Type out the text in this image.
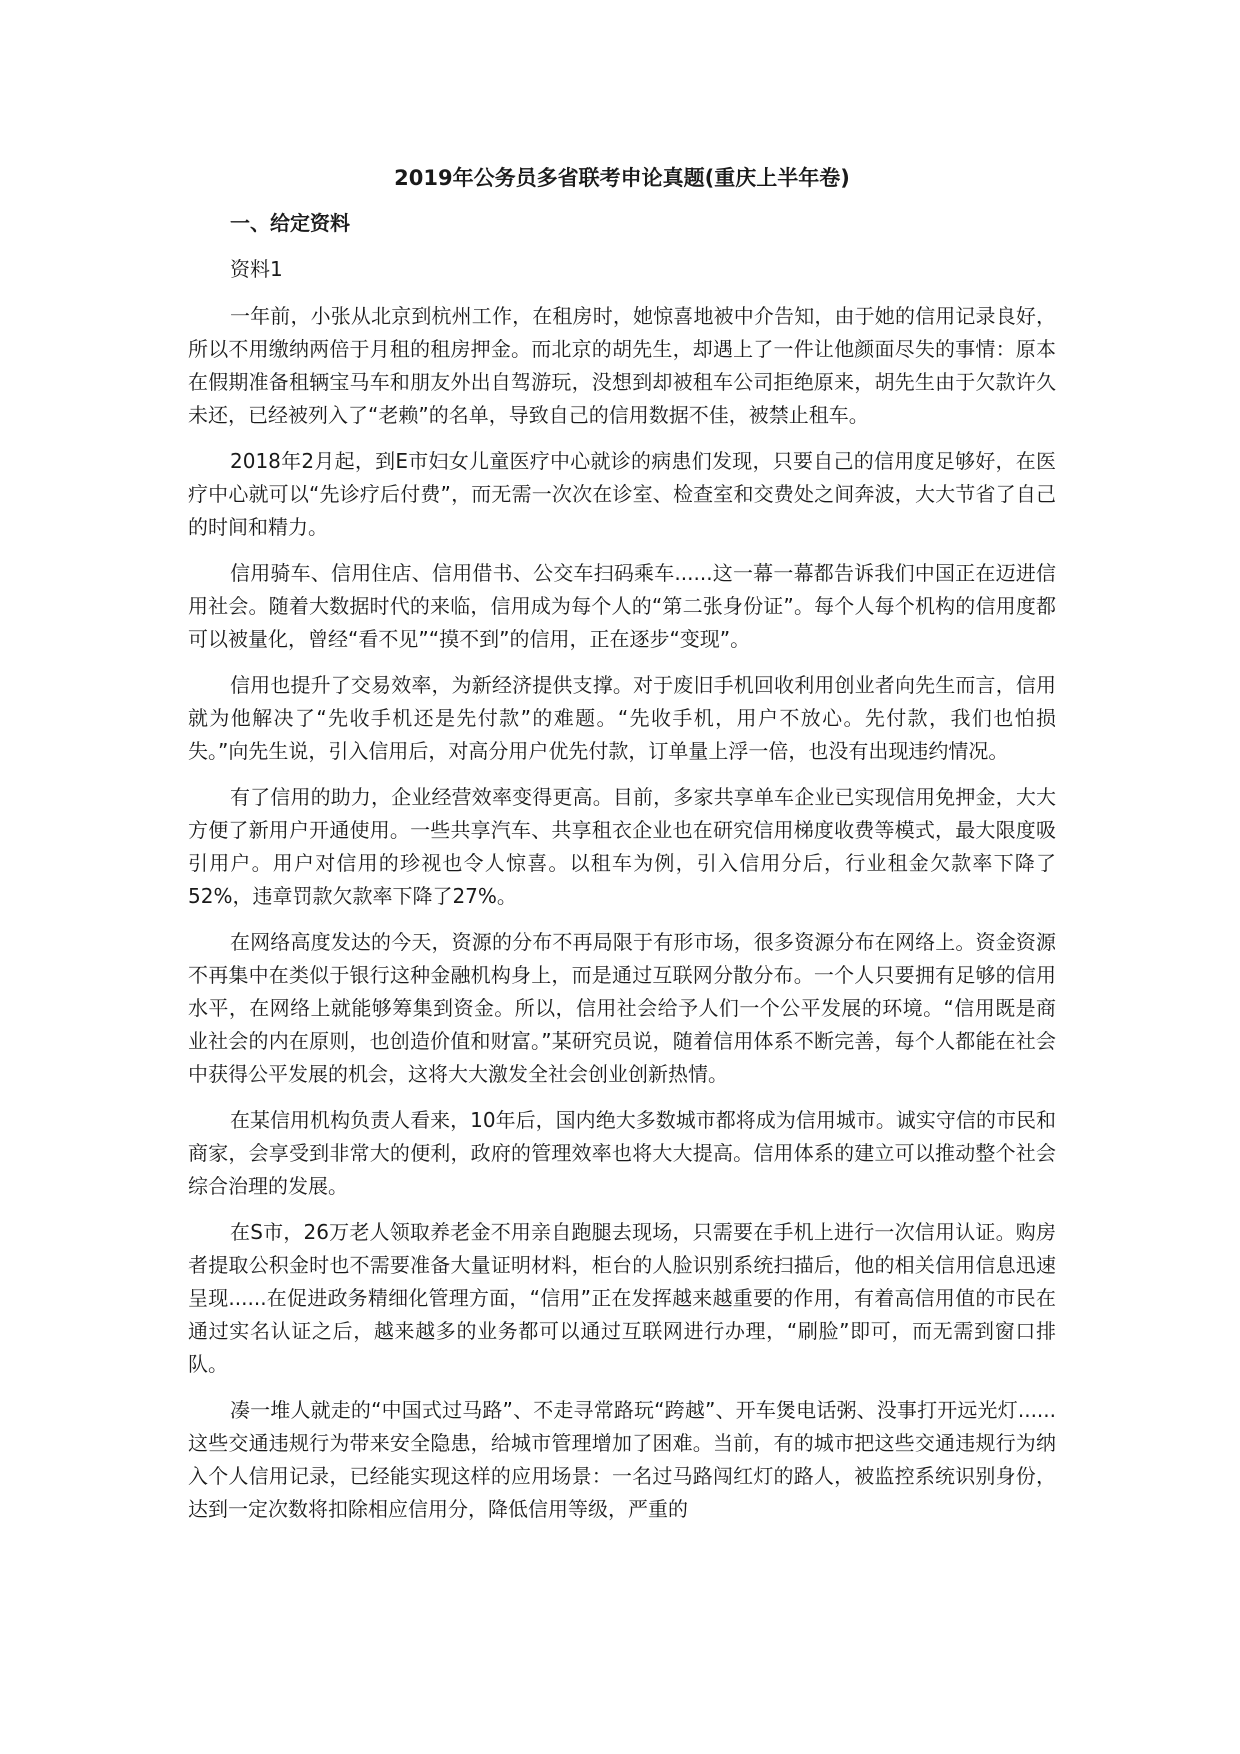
2019年公务员多省联考申论真题(重庆上半年卷)
一、给定资料
资料1

一年前，小张从北京到杭州工作，在租房时，她惊喜地被中介告知，由于她的信用记录良好，所以不用缴纳两倍于月租的租房押金。而北京的胡先生，却遇上了一件让他颜面尽失的事情：原本在假期准备租辆宝马车和朋友外出自驾游玩，没想到却被租车公司拒绝原来，胡先生由于欠款许久未还，已经被列入了“老赖”的名单，导致自己的信用数据不佳，被禁止租车。

2018年2月起，到E市妇女儿童医疗中心就诊的病患们发现，只要自己的信用度足够好，在医疗中心就可以“先诊疗后付费”，而无需一次次在诊室、检查室和交费处之间奔波，大大节省了自己的时间和精力。

信用骑车、信用住店、信用借书、公交车扫码乘车......这一幕一幕都告诉我们中国正在迈进信用社会。随着大数据时代的来临，信用成为每个人的“第二张身份证”。每个人每个机构的信用度都可以被量化，曾经“看不见”“摸不到”的信用，正在逐步“变现”。

信用也提升了交易效率，为新经济提供支撑。对于废旧手机回收利用创业者向先生而言，信用就为他解决了“先收手机还是先付款”的难题。“先收手机，用户不放心。先付款，我们也怕损失。”向先生说，引入信用后，对高分用户优先付款，订单量上浮一倍，也没有出现违约情况。

有了信用的助力，企业经营效率变得更高。目前，多家共享单车企业已实现信用免押金，大大方便了新用户开通使用。一些共享汽车、共享租衣企业也在研究信用梯度收费等模式，最大限度吸引用户。用户对信用的珍视也令人惊喜。以租车为例，引入信用分后，行业租金欠款率下降了52%，违章罚款欠款率下降了27%。

在网络高度发达的今天，资源的分布不再局限于有形市场，很多资源分布在网络上。资金资源不再集中在类似于银行这种金融机构身上，而是通过互联网分散分布。一个人只要拥有足够的信用水平，在网络上就能够筹集到资金。所以，信用社会给予人们一个公平发展的环境。“信用既是商业社会的内在原则，也创造价值和财富。”某研究员说，随着信用体系不断完善，每个人都能在社会中获得公平发展的机会，这将大大激发全社会创业创新热情。

在某信用机构负责人看来，10年后，国内绝大多数城市都将成为信用城市。诚实守信的市民和商家，会享受到非常大的便利，政府的管理效率也将大大提高。信用体系的建立可以推动整个社会综合治理的发展。

在S市，26万老人领取养老金不用亲自跑腿去现场，只需要在手机上进行一次信用认证。购房者提取公积金时也不需要准备大量证明材料，柜台的人脸识别系统扫描后，他的相关信用信息迅速呈现......在促进政务精细化管理方面，“信用”正在发挥越来越重要的作用，有着高信用值的市民在通过实名认证之后，越来越多的业务都可以通过互联网进行办理，“刷脸”即可，而无需到窗口排队。

凑一堆人就走的“中国式过马路”、不走寻常路玩“跨越”、开车煲电话粥、没事打开远光灯......这些交通违规行为带来安全隐患，给城市管理增加了困难。当前，有的城市把这些交通违规行为纳入个人信用记录，已经能实现这样的应用场景：一名过马路闯红灯的路人，被监控系统识别身份，达到一定次数将扣除相应信用分，降低信用等级，严重的
